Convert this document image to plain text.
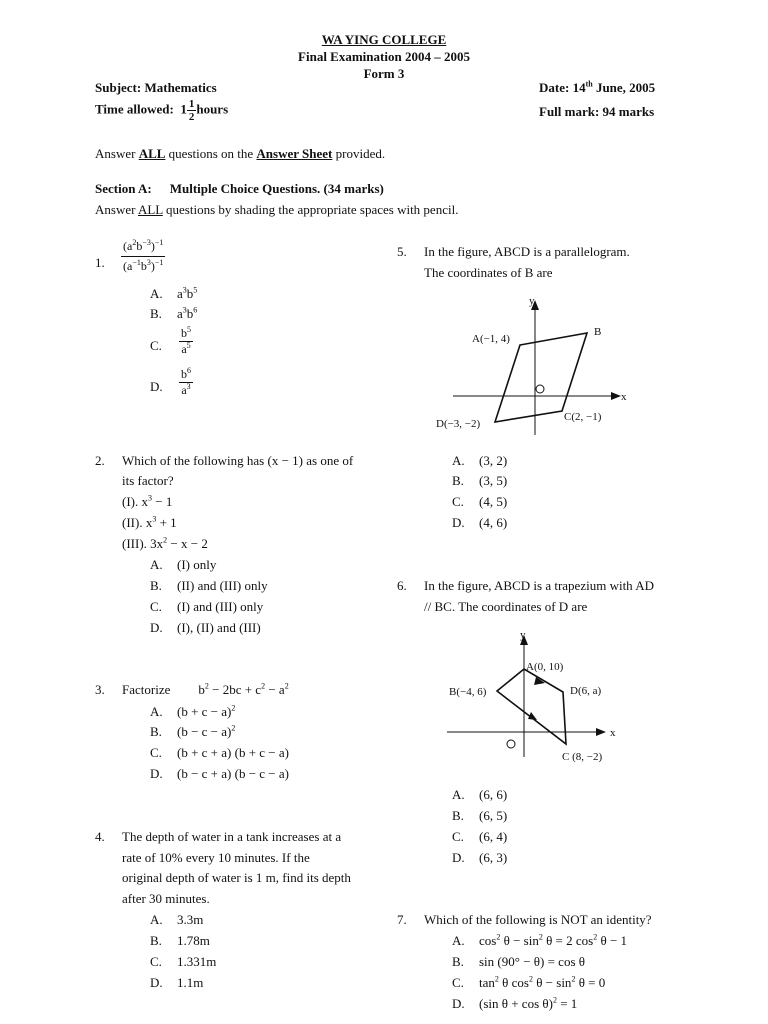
WA YING COLLEGE
Final Examination 2004 – 2005
Form 3
Subject: Mathematics	Date: 14th June, 2005
Time allowed: $1 \frac{1}{2}$ hours	Full mark: 94 marks
Answer ALL questions on the Answer Sheet provided.
Section A: Multiple Choice Questions. (34 marks)
Answer ALL questions by shading the appropriate spaces with pencil.
1. $\frac{(a^2b^{-3})^{-1}}{(a^{-1}b^3)^{-1}}$
A. $a^3b^5$
B. $a^3b^6$
C. $\frac{b^5}{a^5}$
D. $\frac{b^6}{a^3}$
2. Which of the following has (x − 1) as one of
its factor?
(I). $x^3 - 1$
(II). $x^3 + 1$
(III). $3x^2 - x - 2$
A. (I) only
B. (II) and (III) only
C. (I) and (III) only
D. (I), (II) and (III)
3. Factorize $b^2 - 2bc + c^2 - a^2$
A. $(b + c - a)^2$
B. $(b - c - a)^2$
C. (b + c + a) (b + c − a)
D. (b − c + a) (b − c − a)
4. The depth of water in a tank increases at a
rate of 10% every 10 minutes. If the
original depth of water is 1 m, find its depth
after 30 minutes.
A. 3.3m
B. 1.78m
C. 1.331m
D. 1.1m
5. In the figure, ABCD is a parallelogram.
The coordinates of B are
y
x
A(−1, 4)
B
C(2, −1)
D(−3, −2)
A. (3, 2)
B. (3, 5)
C. (4, 5)
D. (4, 6)
6. In the figure, ABCD is a trapezium with AD
// BC. The coordinates of D are
y
x
A(0, 10)
B(−4, 6)
C (8, −2)
D(6, a)
A. (6, 6)
B. (6, 5)
C. (6, 4)
D. (6, 3)
7. Which of the following is NOT an identity?
A. $\cos^2 \theta - \sin^2 \theta = 2$ $\cos^2 \theta - 1$
B. sin (90° − θ) = cos θ
C. $\tan^2 \theta$ $\cos^2 \theta - \sin^2 \theta = 0$
D. (sin θ + cos θ)$^2$ = 1
